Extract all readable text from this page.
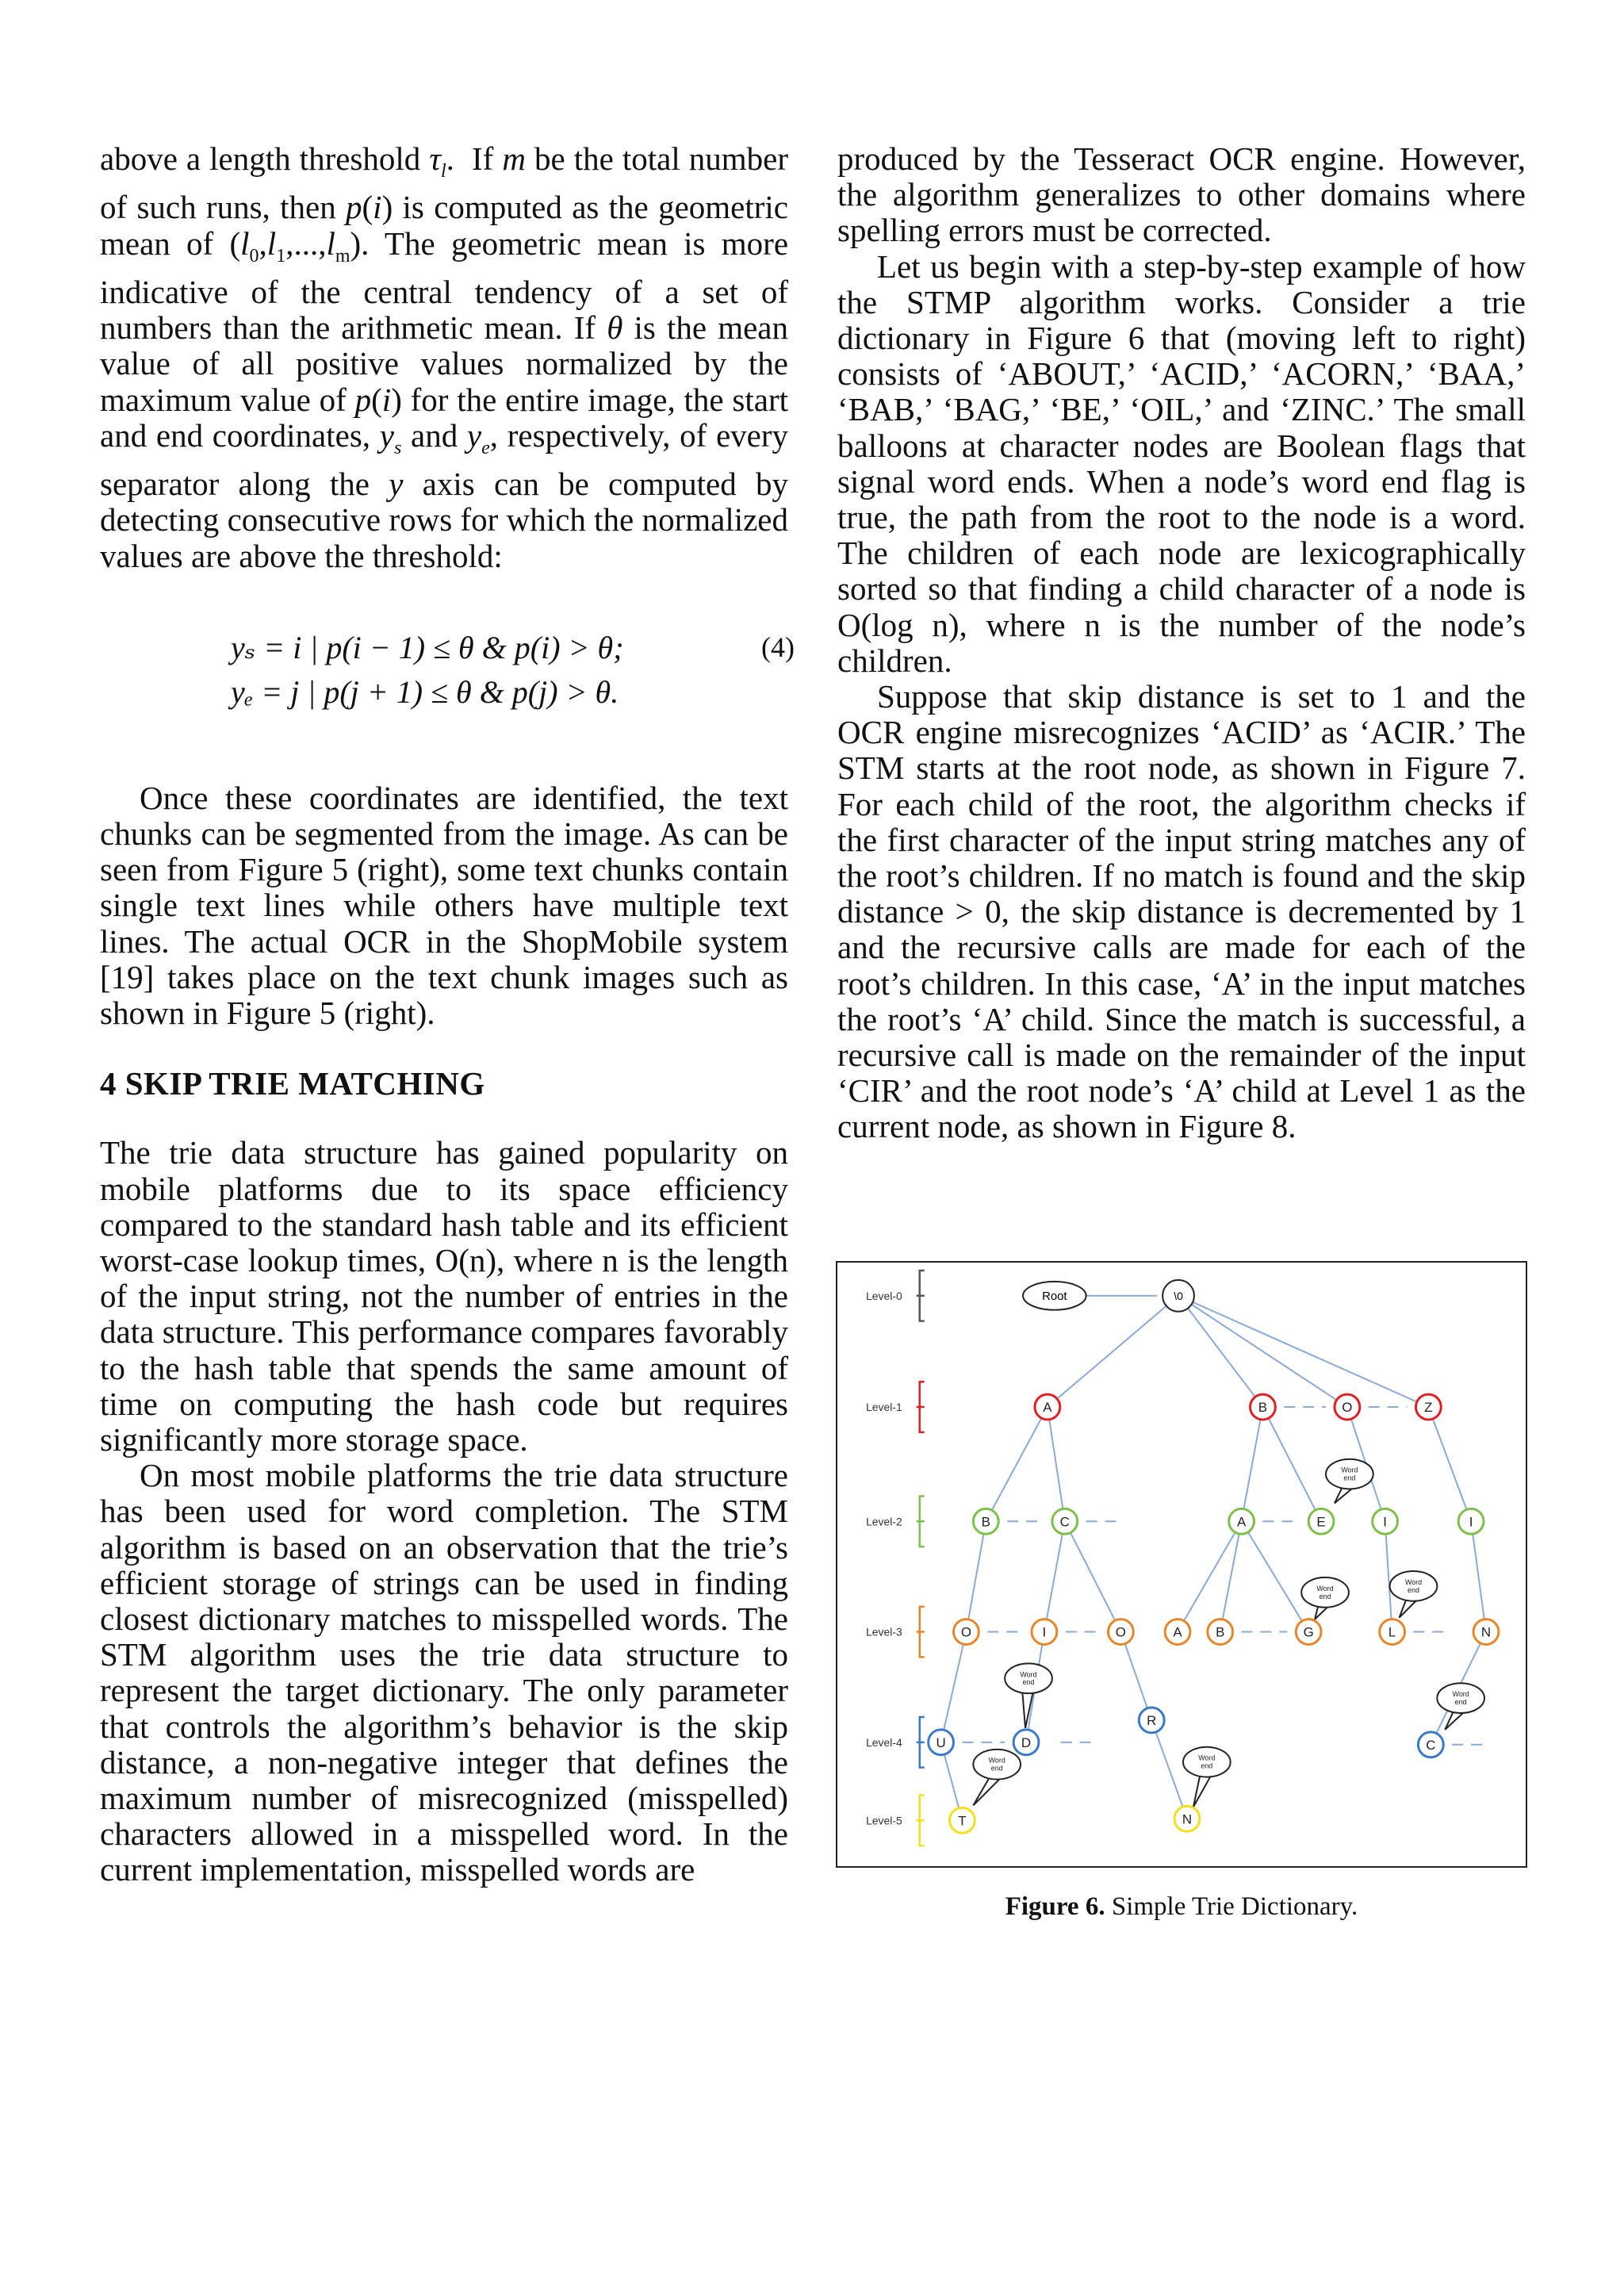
above a length threshold $\tau_l$.  If m be the total number of such runs, then p(i) is computed as the geometric mean of $(l_0,l_1,...,l_m)$. The geometric mean is more indicative of the central tendency of a set of numbers than the arithmetic mean. If θ is the mean value of all positive values normalized by the maximum value of p(i) for the entire image, the start and end coordinates, $y_s$ and $y_e$, respectively, of every separator along the y axis can be computed by detecting consecutive rows for which the normalized values are above the threshold:

yₛ = i | p(i − 1) ≤ θ & p(i) > θ;
yₑ = j | p(j + 1) ≤ θ & p(j) > θ.
(4)

Once these coordinates are identified, the text chunks can be segmented from the image. As can be seen from Figure 5 (right), some text chunks contain single text lines while others have multiple text lines. The actual OCR in the ShopMobile system [19] takes place on the text chunk images such as shown in Figure 5 (right).

4 SKIP TRIE MATCHING

The trie data structure has gained popularity on mobile platforms due to its space efficiency compared to the standard hash table and its efficient worst-case lookup times, O(n), where n is the length of the input string, not the number of entries in the data structure. This performance compares favorably to the hash table that spends the same amount of time on computing the hash code but requires significantly more storage space.

On most mobile platforms the trie data structure has been used for word completion. The STM algorithm is based on an observation that the trie’s efficient storage of strings can be used in finding closest dictionary matches to misspelled words. The STM algorithm uses the trie data structure to represent the target dictionary. The only parameter that controls the algorithm’s behavior is the skip distance, a non-negative integer that defines the maximum number of misrecognized (misspelled) characters allowed in a misspelled word. In the current implementation, misspelled words are

produced by the Tesseract OCR engine. However, the algorithm generalizes to other domains where spelling errors must be corrected.

Let us begin with a step-by-step example of how the STMP algorithm works. Consider a trie dictionary in Figure 6 that (moving left to right) consists of ‘ABOUT,’ ‘ACID,’ ‘ACORN,’ ‘BAA,’ ‘BAB,’ ‘BAG,’ ‘BE,’ ‘OIL,’ and ‘ZINC.’ The small balloons at character nodes are Boolean flags that signal word ends. When a node’s word end flag is true, the path from the root to the node is a word. The children of each node are lexicographically sorted so that finding a child character of a node is O(log n), where n is the number of the node’s children.

Suppose that skip distance is set to 1 and the OCR engine misrecognizes ‘ACID’ as ‘ACIR.’ The STM starts at the root node, as shown in Figure 7. For each child of the root, the algorithm checks if the first character of the input string matches any of the root’s children. If no match is found and the skip distance > 0, the skip distance is decremented by 1 and the recursive calls are made for each of the root’s children. In this case, ‘A’ in the input matches the root’s ‘A’ child. Since the match is successful, a recursive call is made on the remainder of the input ‘CIR’ and the root node’s ‘A’ child at Level 1 as the current node, as shown in Figure 8.

Level-0
Level-1
Level-2
Level-3
Level-4
Level-5
Word
end
Word
end
Word
end
Word
end
Word
end
Word
end
Word
end
Root	\0
A	B	O	Z
B	C	A	E	I	I
O	I	O	A B	G	L	N
U	D
R
C
T	N
Figure 6. Simple Trie Dictionary.
